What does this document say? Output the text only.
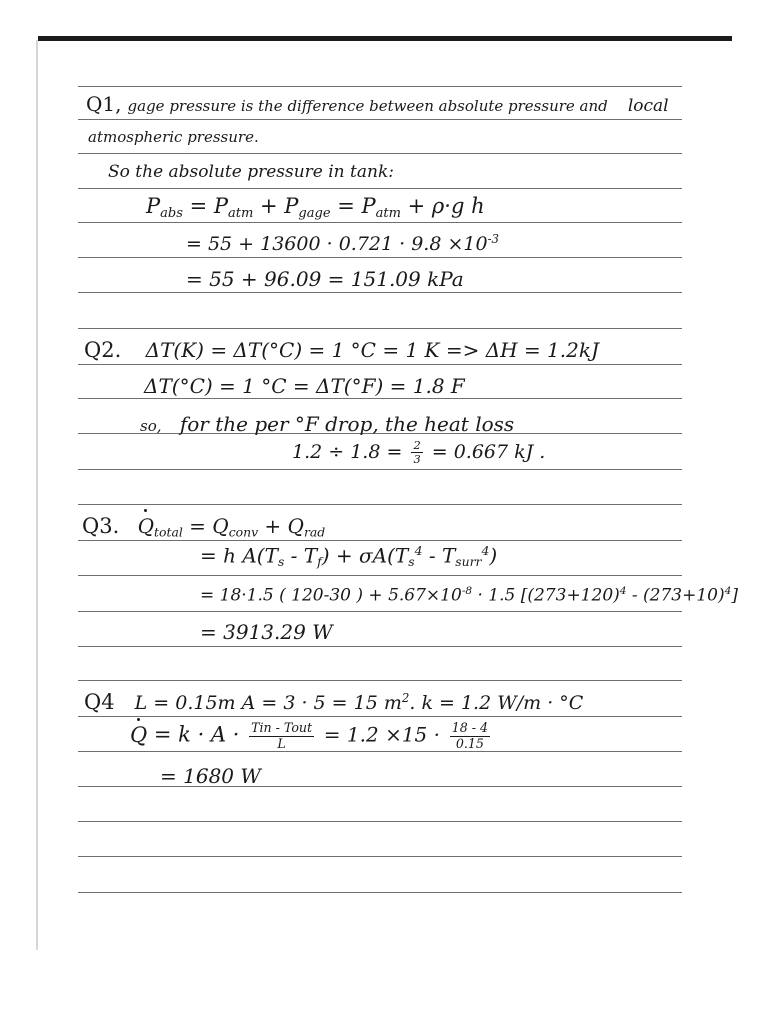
Q1, gage pressure is the difference between absolute pressure and local
atmospheric pressure.
So the absolute pressure in tank:
$P_{abs} = P_{atm} + P_{gage} = P_{atm} + \rho\cdot g$ h
= $55 + 13600 \cdot 0.721 \cdot 9.8 \times 10^{-3}$
= 55 + 96.09 = 151.09 kPa
Q2. ΔT(K) = ΔT(°C) = 1 °C = 1 K => ΔH = 1.2kJ
ΔT(°C) = 1 °C = ΔT(°F) = 1.8 F
so, for the per °F drop, the heat loss
$1.2 \div 1.8 = \frac{2}{3} = 0.667$ kJ .
Q3. $Q_{total} = Q_{conv} + Q_{rad}$
= h $A(T_s - T_f) + \sigma A(T_s^4 - T_{surr}^4)$
= 18·1.5 ( 120-30 ) + $5.67\times 10^{-8} \cdot 1.5$ $[(273+120)^4 - (273+10)^4]$
= 3913.29 W
Q4 L = 0.15m A = 3 · 5 = 15 $m^2$. k = 1.2 W/m · °C
$Q = k \cdot A \cdot \frac{\text{Tin - Tout}}{L} = 1.2 \times 15 \cdot \frac{18 - 4}{0.15}$
= 1680 W
